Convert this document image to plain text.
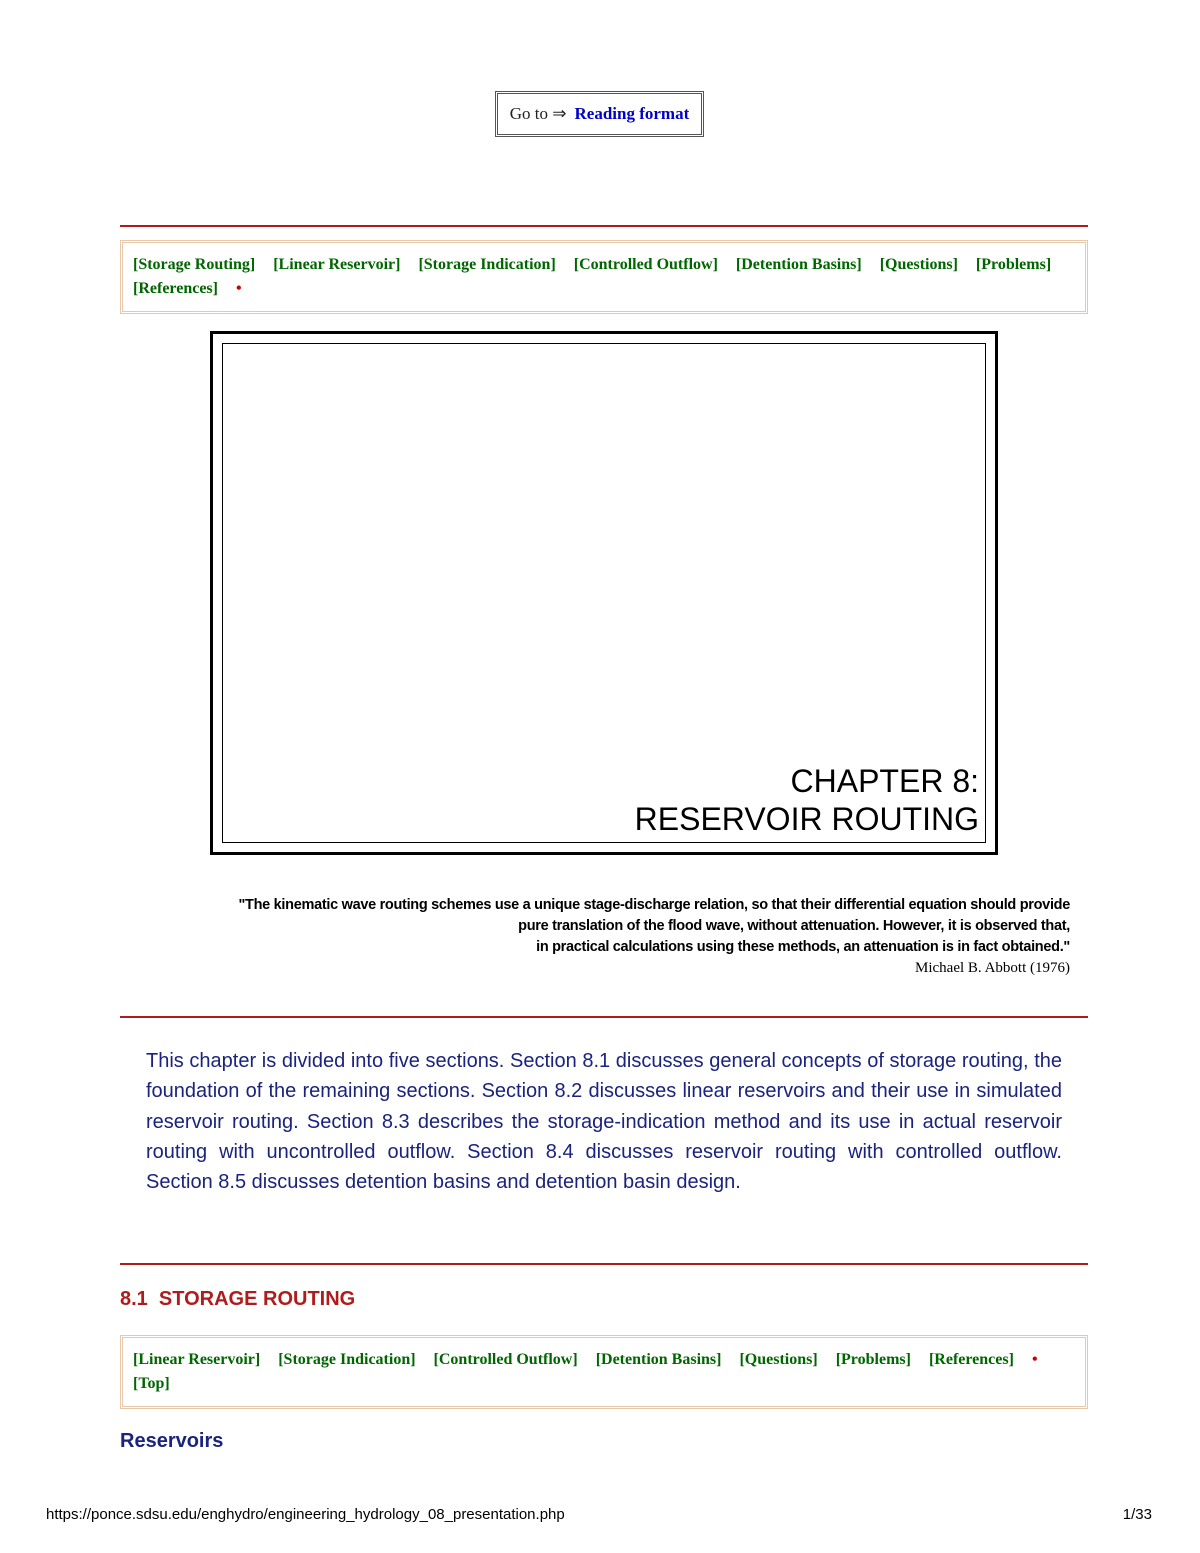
Go to ⇒ Reading format
[Storage Routing] [Linear Reservoir] [Storage Indication] [Controlled Outflow] [Detention Basins] [Questions] [Problems] [References] •
CHAPTER 8:
RESERVOIR ROUTING
"The kinematic wave routing schemes use a unique stage-discharge relation, so that their differential equation should provide
pure translation of the flood wave, without attenuation. However, it is observed that,
in practical calculations using these methods, an attenuation is in fact obtained."
Michael B. Abbott (1976)
This chapter is divided into five sections. Section 8.1 discusses general concepts of storage routing, the foundation of the remaining sections. Section 8.2 discusses linear reservoirs and their use in simulated reservoir routing. Section 8.3 describes the storage-indication method and its use in actual reservoir routing with uncontrolled outflow. Section 8.4 discusses reservoir routing with controlled outflow. Section 8.5 discusses detention basins and detention basin design.
8.1  STORAGE ROUTING
[Linear Reservoir] [Storage Indication] [Controlled Outflow] [Detention Basins] [Questions] [Problems] [References] • [Top]
Reservoirs
https://ponce.sdsu.edu/enghydro/engineering_hydrology_08_presentation.php	1/33
